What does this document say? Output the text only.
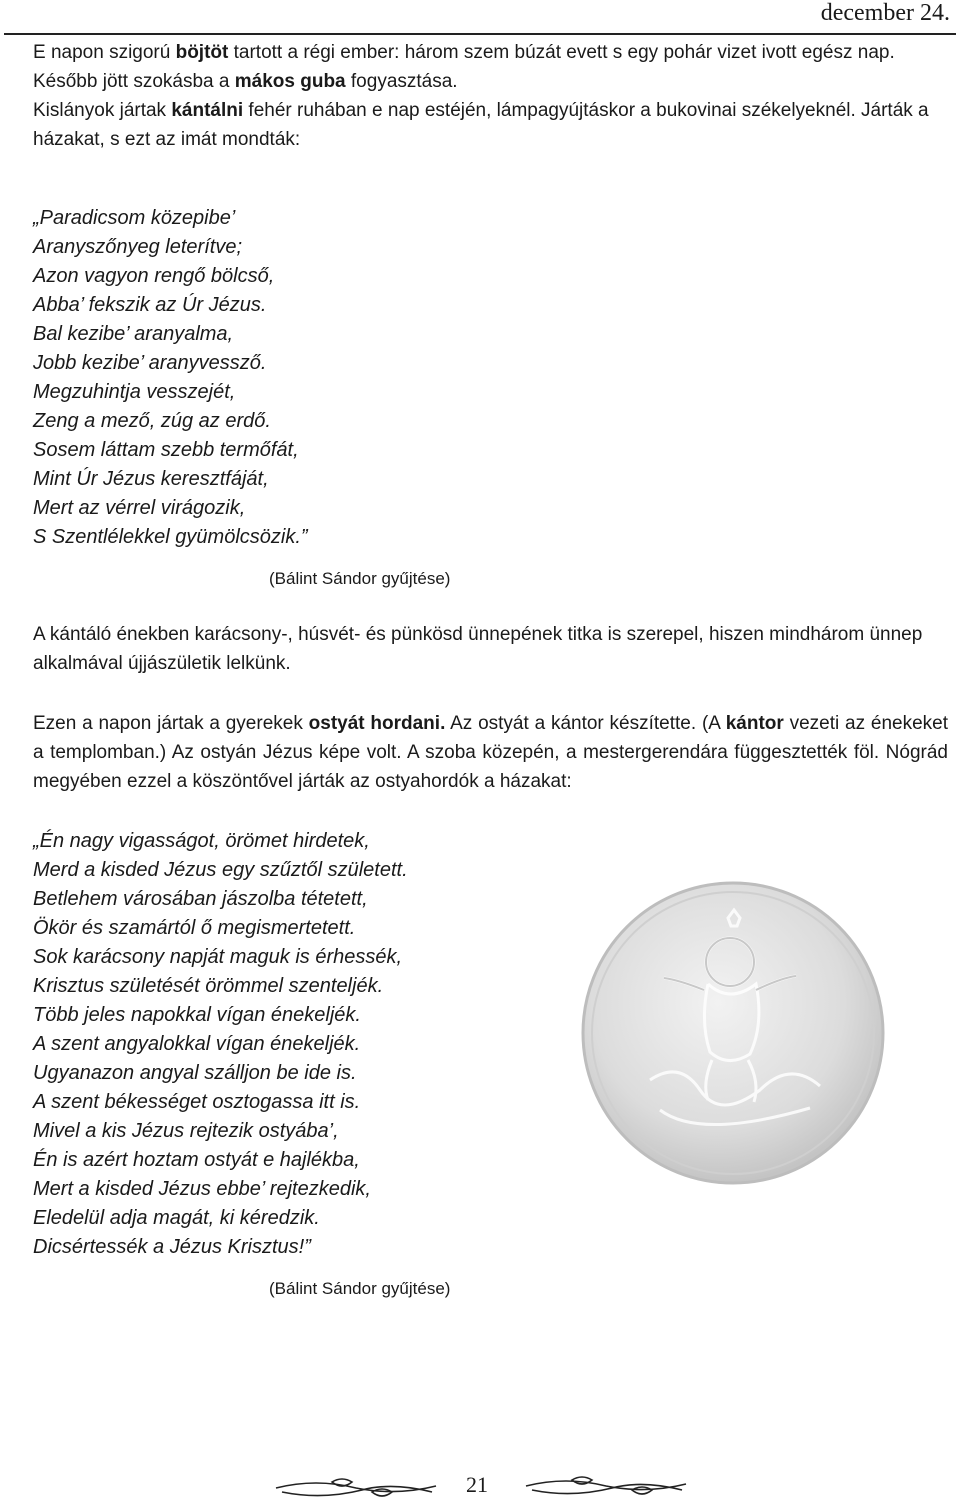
december 24.
E napon szigorú böjtöt tartott a régi ember: három szem búzát evett s egy pohár vizet ivott egész nap. Később jött szokásba a mákos guba fogyasztása.
Kislányok jártak kántálni fehér ruhában e nap estéjén, lámpagyújtáskor a bukovinai székelyeknél. Járták a házakat, s ezt az imát mondták:
„Paradicsom közepibe’
Aranyszőnyeg leterítve;
Azon vagyon rengő bölcső,
Abba’ fekszik az Úr Jézus.
Bal kezibe’ aranyalma,
Jobb kezibe’ aranyvessző.
Megzuhintja vesszejét,
Zeng a mező, zúg az erdő.
Sosem láttam szebb termőfát,
Mint Úr Jézus keresztfáját,
Mert az vérrel virágozik,
S Szentlélekkel gyümölcsözik.”
(Bálint Sándor gyűjtése)
A kántáló énekben karácsony-, húsvét- és pünkösd ünnepének titka is szerepel, hiszen mindhárom ünnep alkalmával újjászületik lelkünk.
Ezen a napon jártak a gyerekek ostyát hordani. Az ostyát a kántor készítette. (A kántor vezeti az énekeket a templomban.) Az ostyán Jézus képe volt. A szoba közepén, a mestergerendára függesztették föl. Nógrád megyében ezzel a köszöntővel járták az ostyahordók a házakat:
„Én nagy vigasságot, örömet hirdetek,
Merd a kisded Jézus egy szűztől született.
Betlehem városában jászolba tétetett,
Ökör és szamártól ő megismertetett.
Sok karácsony napját maguk is érhessék,
Krisztus születését örömmel szenteljék.
Több jeles napokkal vígan énekeljék.
A szent angyalokkal vígan énekeljék.
Ugyanazon angyal szálljon be ide is.
A szent békességet osztogassa itt is.
Mivel a kis Jézus rejtezik ostyába’,
Én is azért hoztam ostyát e hajlékba,
Mert a kisded Jézus ebbe’ rejtezkedik,
Eledelül adja magát, ki kéredzik.
Dicsértessék a Jézus Krisztus!”
(Bálint Sándor gyűjtése)
21
